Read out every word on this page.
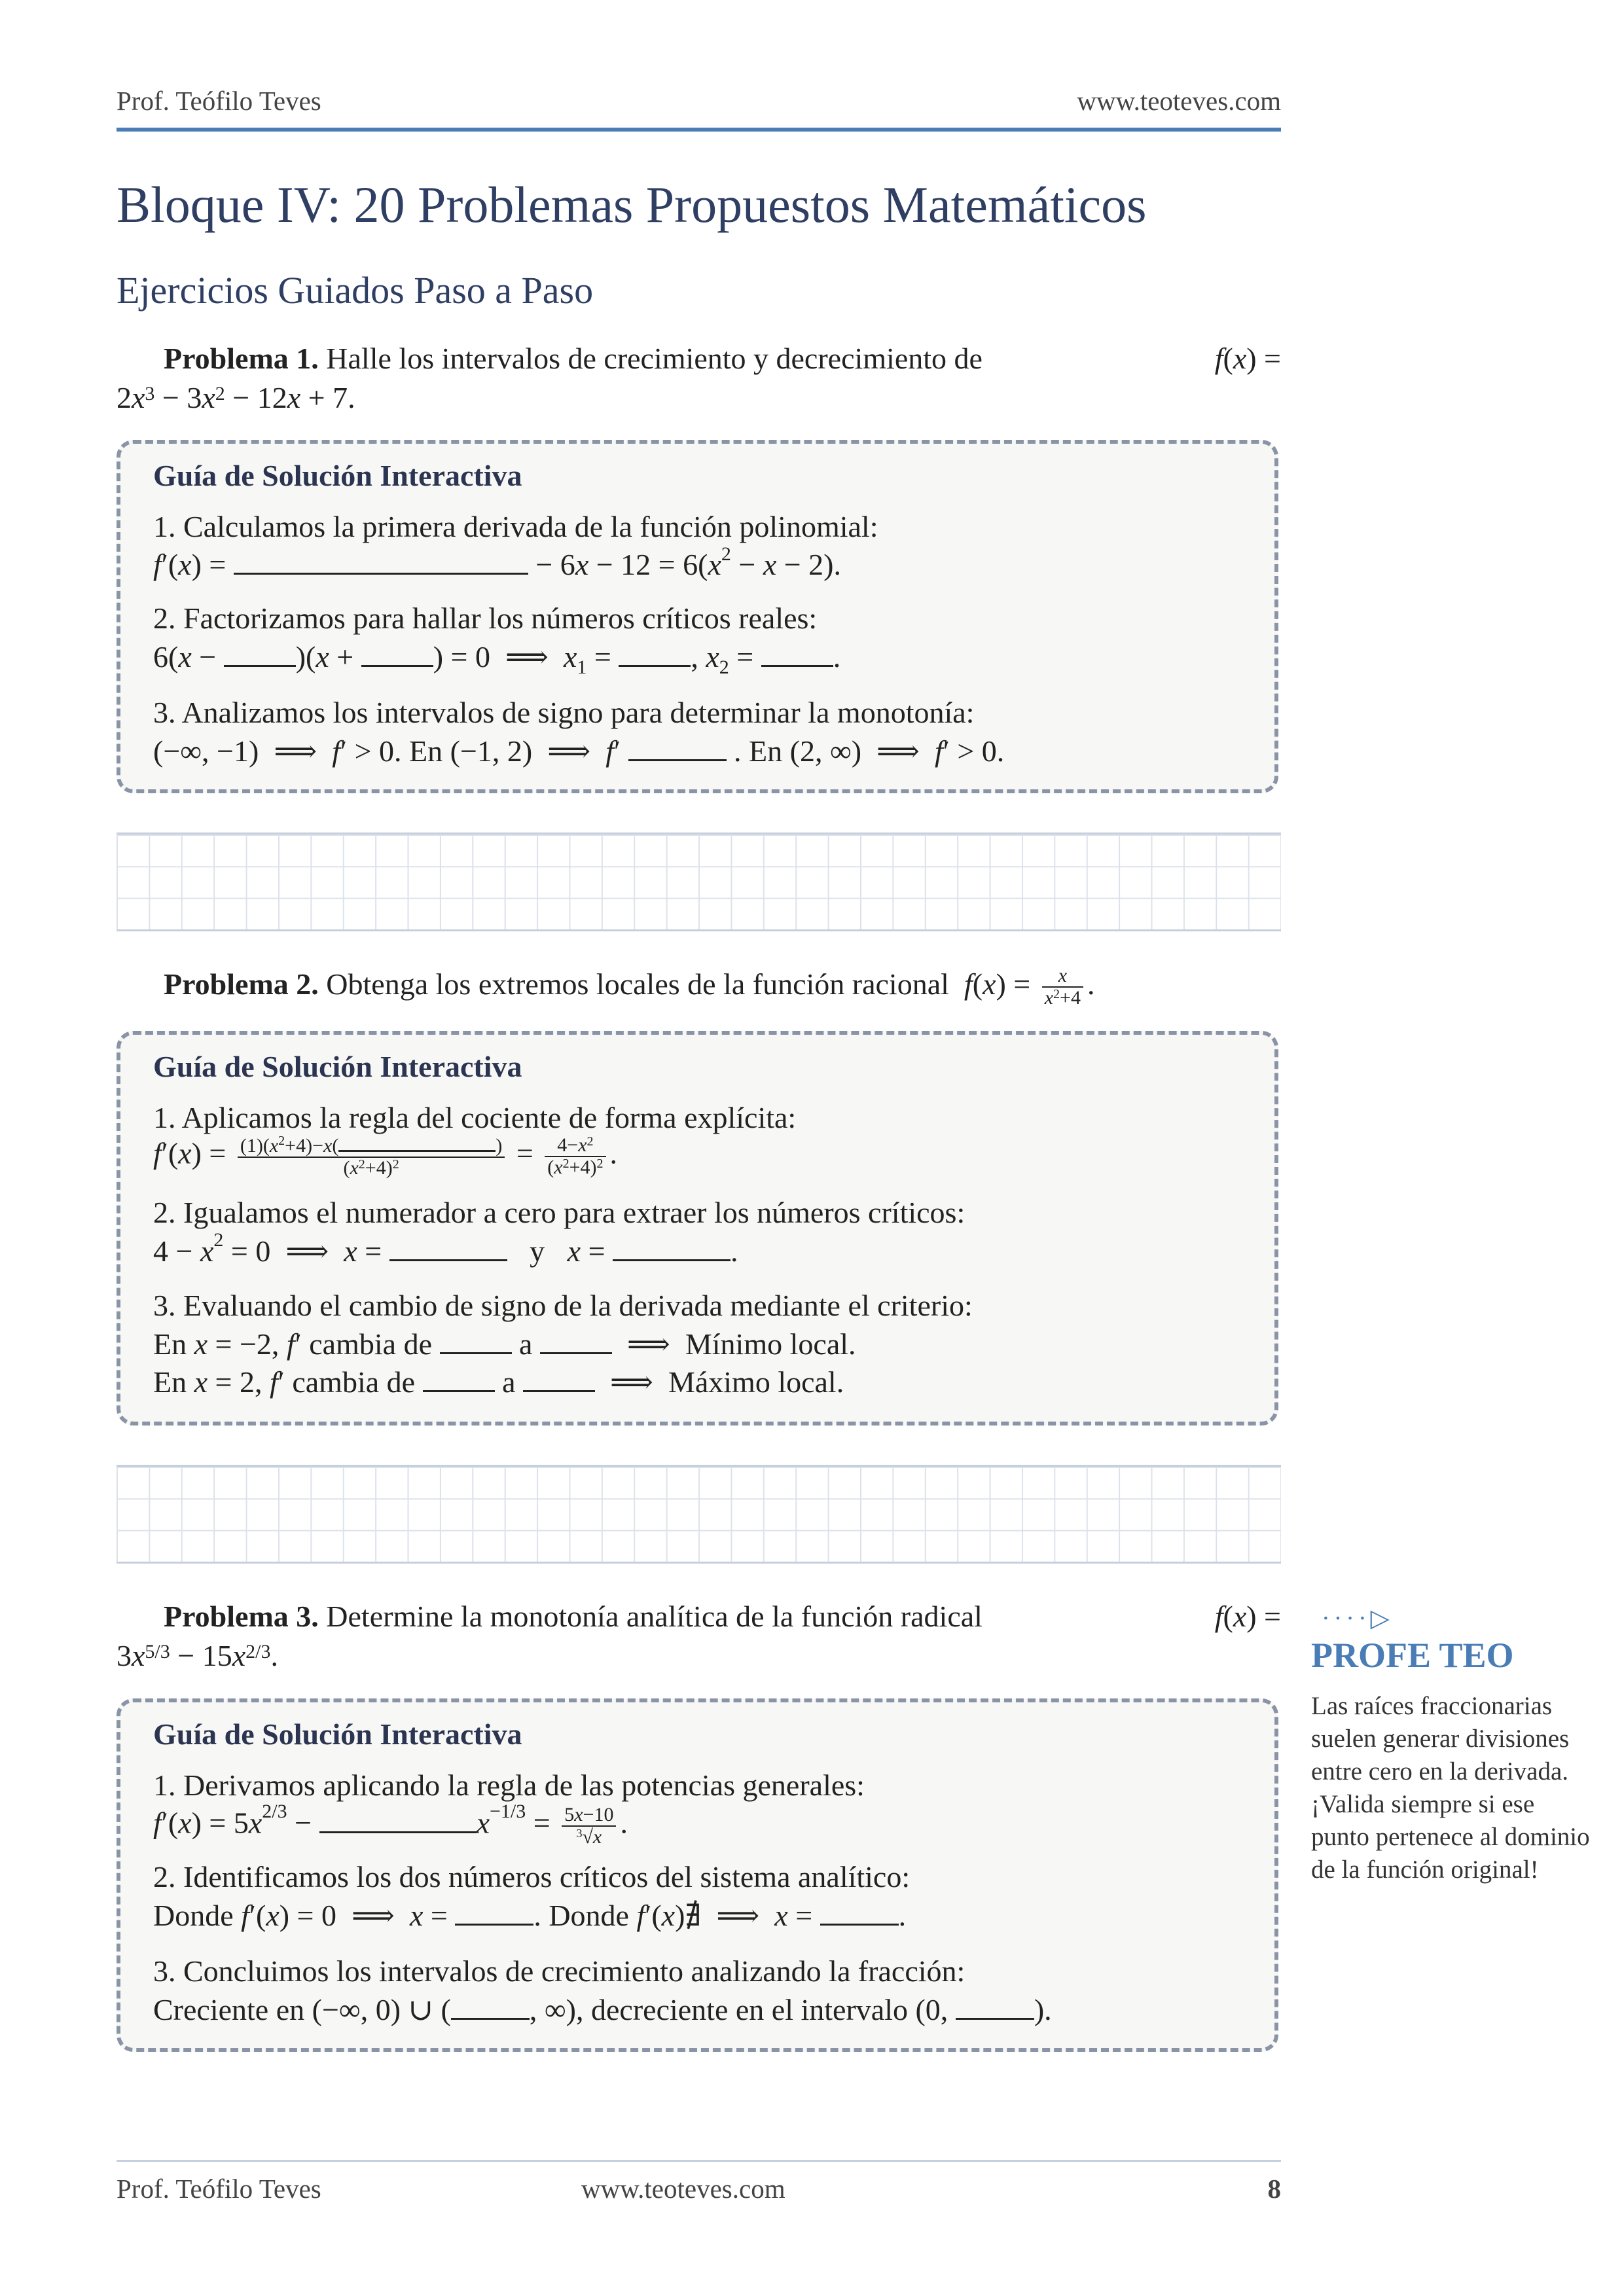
Prof. Teófilo Teves	www.teoteves.com
Bloque IV: 20 Problemas Propuestos Matemáticos
Ejercicios Guiados Paso a Paso
Problema 1. Halle los intervalos de crecimiento y decrecimiento de	f(x) =

$2x^3 - 3x^2 - 12x + 7$.
Guía de Solución Interactiva
1. Calculamos la primera derivada de la función polinomial:
f′(x) =	− $6x - 12 = 6(x^2 - x - 2)$.
2. Factorizamos para hallar los números críticos reales:
6(x − )(x + ) = 0  ⟹  $x_1$ = , $x_2$ = .
3. Analizamos los intervalos de signo para determinar la monotonía:
(−∞, −1)  ⟹  f′ > 0. En (−1, 2)  ⟹  f′	. En (2, ∞)  ⟹  f′ > 0.
Problema 2. Obtenga los extremos locales de la función racional $f(x) = \frac{x}{x^2+4}$ .
Guía de Solución Interactiva
1. Aplicamos la regla del cociente de forma explícita:
$f'(x) = (1)(x^2+4)-x$(	)
$(x^2+4)^2 = \frac{4-x^2}{(x^2+4)^2}$ .
2. Igualamos el numerador a cero para extraer los números críticos:
$4 - x^2 = 0$  ⟹  x =	y   x =	.
3. Evaluando el cambio de signo de la derivada mediante el criterio:
En x = −2, f′ cambia de  a   ⟹  Mínimo local.
En x = 2, f′ cambia de  a   ⟹  Máximo local.
Problema 3. Determine la monotonía analítica de la función radical	f(x) =

$3x^{5/3} - 15x^{2/3}$.
Guía de Solución Interactiva
1. Derivamos aplicando la regla de las potencias generales:
$f'(x) = 5x^{2/3}$ −	$x^{-1/3} = \frac{5x-10}{^3√x}$ .
2. Identificamos los dos números críticos del sistema analítico:
Donde f′(x) = 0  ⟹  x =	. Donde f′(x)∄  ⟹  x =	.
3. Concluimos los intervalos de crecimiento analizando la fracción:
Creciente en (−∞, 0) ∪ (	, ∞), decreciente en el intervalo (0,	).
····▷
PROFE TEO
Las raíces fraccionarias suelen generar divisiones entre cero en la derivada. ¡Valida siempre si ese punto pertenece al dominio de la función original!
Prof. Teófilo Teves	www.teoteves.com	8
